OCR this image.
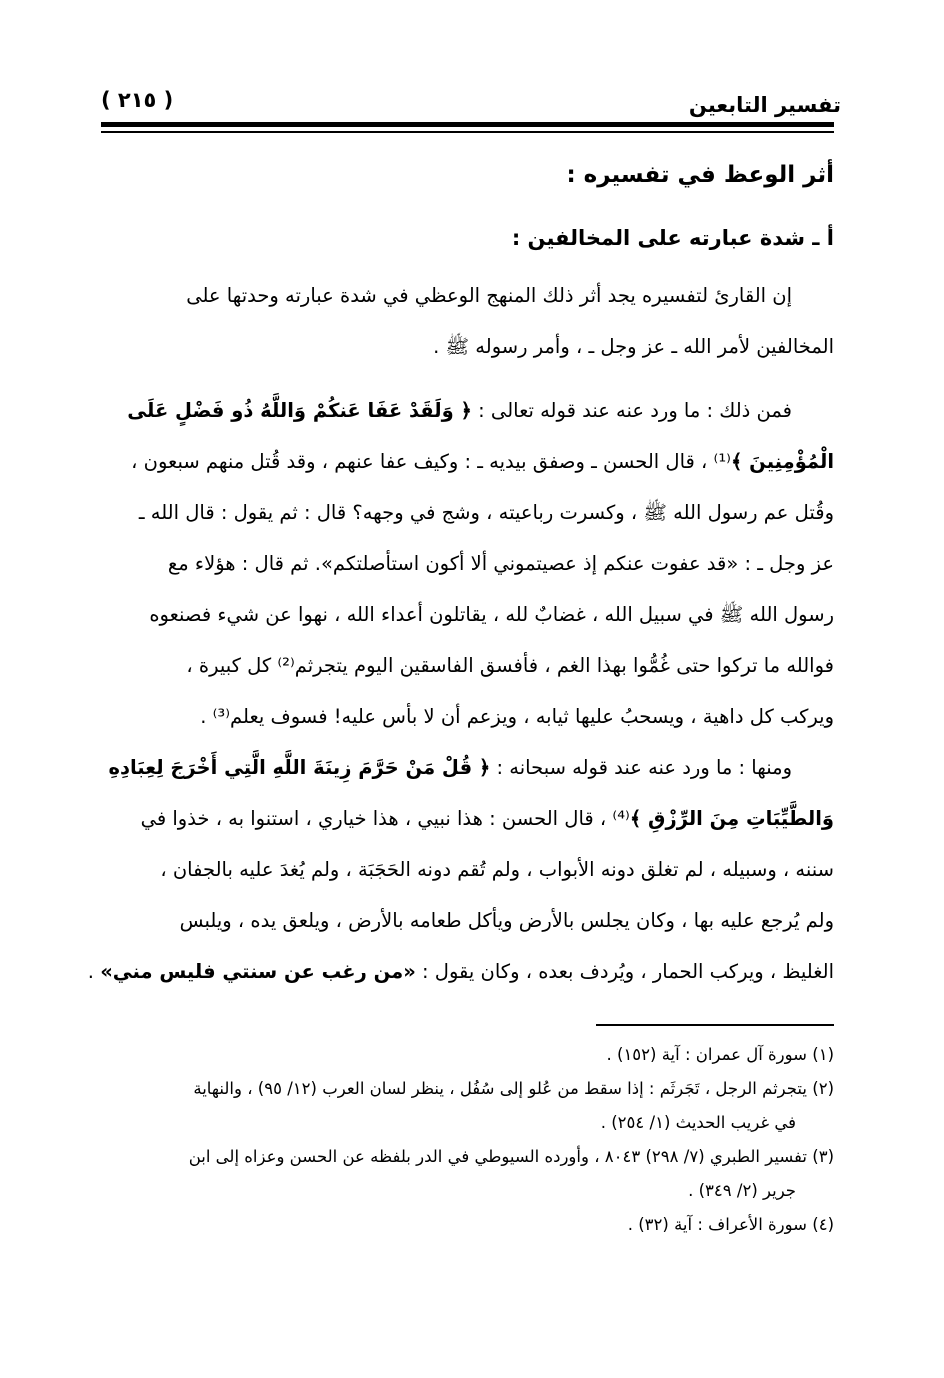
تفسير التابعين
( ٢١٥ )
أثر الوعظ في تفسيره :
أ ـ شدة عبارته على المخالفين :
إن القارئ لتفسيره يجد أثر ذلك المنهج الوعظي في شدة عبارته وحدتها على
المخالفين لأمر الله ـ عز وجل ـ ، وأمر رسوله ﷺ .
فمن ذلك : ما ورد عنه عند قوله تعالى : ﴿ وَلَقَدْ عَفَا عَنكُمْ وَاللَّهُ ذُو فَضْلٍ عَلَى
الْمُؤْمِنِينَ ﴾⁽¹⁾ ، قال الحسن ـ وصفق بيديه ـ : وكيف عفا عنهم ، وقد قُتل منهم سبعون ،
وقُتل عم رسول الله ﷺ ، وكسرت رباعيته ، وشج في وجهه؟ قال : ثم يقول : قال الله ـ
عز وجل ـ : «قد عفوت عنكم إذ عصيتموني ألا أكون استأصلتكم». ثم قال : هؤلاء مع
رسول الله ﷺ في سبيل الله ، غضابٌ لله ، يقاتلون أعداء الله ، نهوا عن شيء فصنعوه
فوالله ما تركوا حتى غُمُّوا بهذا الغم ، فأفسق الفاسقين اليوم يتجرثم⁽²⁾ كل كبيرة ،
ويركب كل داهية ، ويسحبُ عليها ثيابه ، ويزعم أن لا بأس عليه! فسوف يعلم⁽³⁾ .
ومنها : ما ورد عنه عند قوله سبحانه : ﴿ قُلْ مَنْ حَرَّمَ زِينَةَ اللَّهِ الَّتِي أَخْرَجَ لِعِبَادِهِ
وَالطَّيِّبَاتِ مِنَ الرِّزْقِ ﴾⁽⁴⁾ ، قال الحسن : هذا نبيي ، هذا خياري ، استنوا به ، خذوا في
سننه ، وسبيله ، لم تغلق دونه الأبواب ، ولم تُقم دونه الحَجَبَة ، ولم يُغدَ عليه بالجفان ،
ولم يُرجع عليه بها ، وكان يجلس بالأرض ويأكل طعامه بالأرض ، ويلعق يده ، ويلبس
الغليظ ، ويركب الحمار ، ويُردف بعده ، وكان يقول : «من رغب عن سنتي فليس مني» .
(١) سورة آل عمران : آية (١٥٢) .
(٢) يتجرثم الرجل ، تَجَرثَم : إذا سقط من عُلو إلى سُفُل ، ينظر لسان العرب (١٢/ ٩٥) ، والنهاية
في غريب الحديث (١/ ٢٥٤) .
(٣) تفسير الطبري (٧/ ٢٩٨) ٨٠٤٣ ، وأورده السيوطي في الدر بلفظه عن الحسن وعزاه إلى ابن
جرير (٢/ ٣٤٩) .
(٤) سورة الأعراف : آية (٣٢) .
